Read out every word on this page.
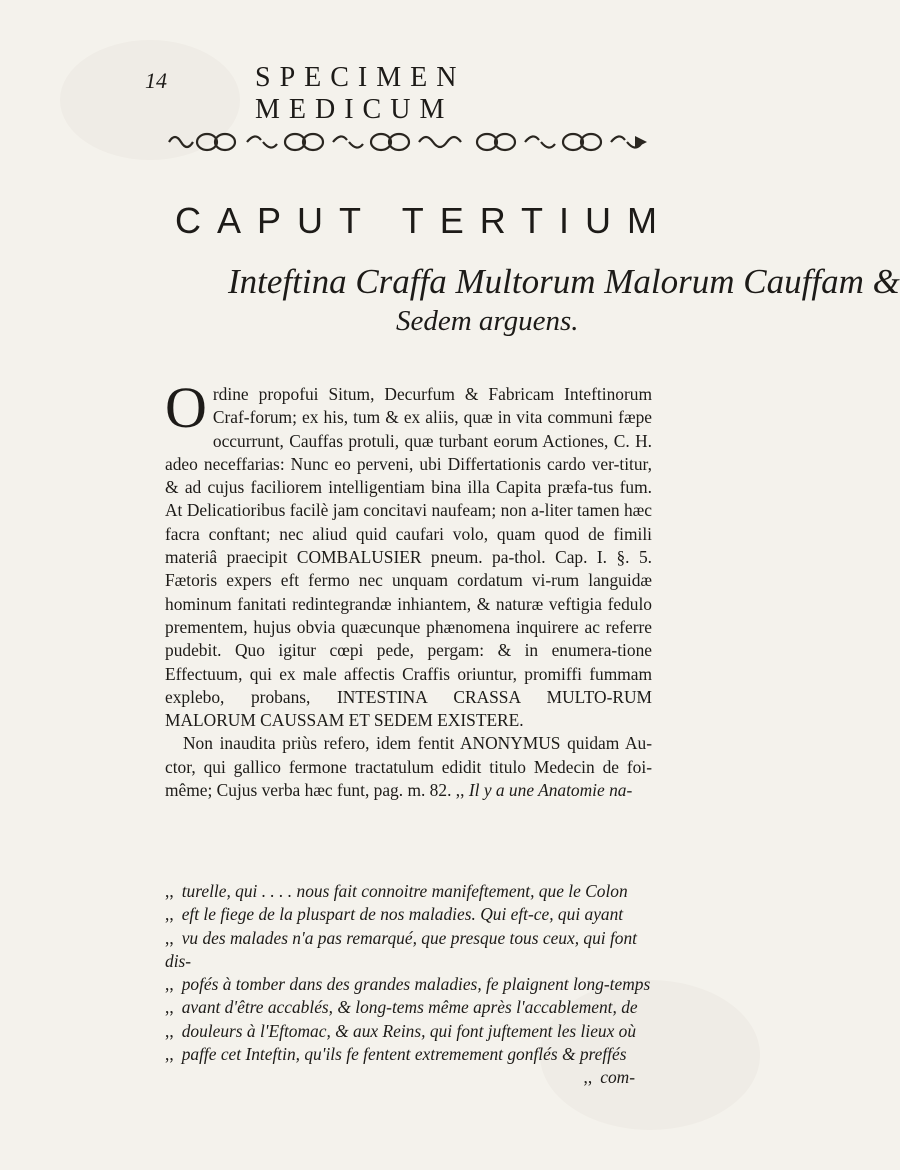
14	SPECIMEN MEDICUM
CAPUT TERTIUM
Inteftina Craffa Multorum Malorum Cauffam &
Sedem arguens.

O rdine propofui Situm, Decurfum & Fabricam Inteftinorum Craf-forum; ex his, tum & ex aliis, quæ in vita communi fæpe occurrunt, Cauffas protuli, quæ turbant eorum Actiones, C. H. adeo neceffarias: Nunc eo perveni, ubi Differtationis cardo ver-titur, & ad cujus faciliorem intelligentiam bina illa Capita præfa-tus fum. At Delicatioribus facilè jam concitavi naufeam; non a-liter tamen hæc facra conftant; nec aliud quid caufari volo, quam quod de fimili materiâ praecipit COMBALUSIER pneum. pa-thol. Cap. I. §. 5. Fætoris expers eft fermo nec unquam cordatum vi-rum languidæ hominum fanitati redintegrandæ inhiantem, & naturæ veftigia fedulo prementem, hujus obvia quæcunque phænomena inquirere ac referre pudebit. Quo igitur cœpi pede, pergam: & in enumera-tione Effectuum, qui ex male affectis Craffis oriuntur, promiffi fummam explebo, probans, INTESTINA CRASSA MULTO-RUM MALORUM CAUSSAM ET SEDEM EXISTERE.

Non inaudita priùs refero, idem fentit ANONYMUS quidam Au-ctor, qui gallico fermone tractatulum edidit titulo Medecin de foi-même; Cujus verba hæc funt, pag. m. 82. ,, Il y a une Anatomie na-

,, turelle, qui . . . . nous fait connoitre manifeftement, que le Colon
,, eft le fiege de la pluspart de nos maladies. Qui eft-ce, qui ayant
,, vu des malades n'a pas remarqué, que presque tous ceux, qui font dis-
,, pofés à tomber dans des grandes maladies, fe plaignent long-temps
,, avant d'être accablés, & long-tems même après l'accablement, de
,, douleurs à l'Eftomac, & aux Reins, qui font juftement les lieux où
,, paffe cet Inteftin, qu'ils fe fentent extremement gonflés & preffés
,, com-
